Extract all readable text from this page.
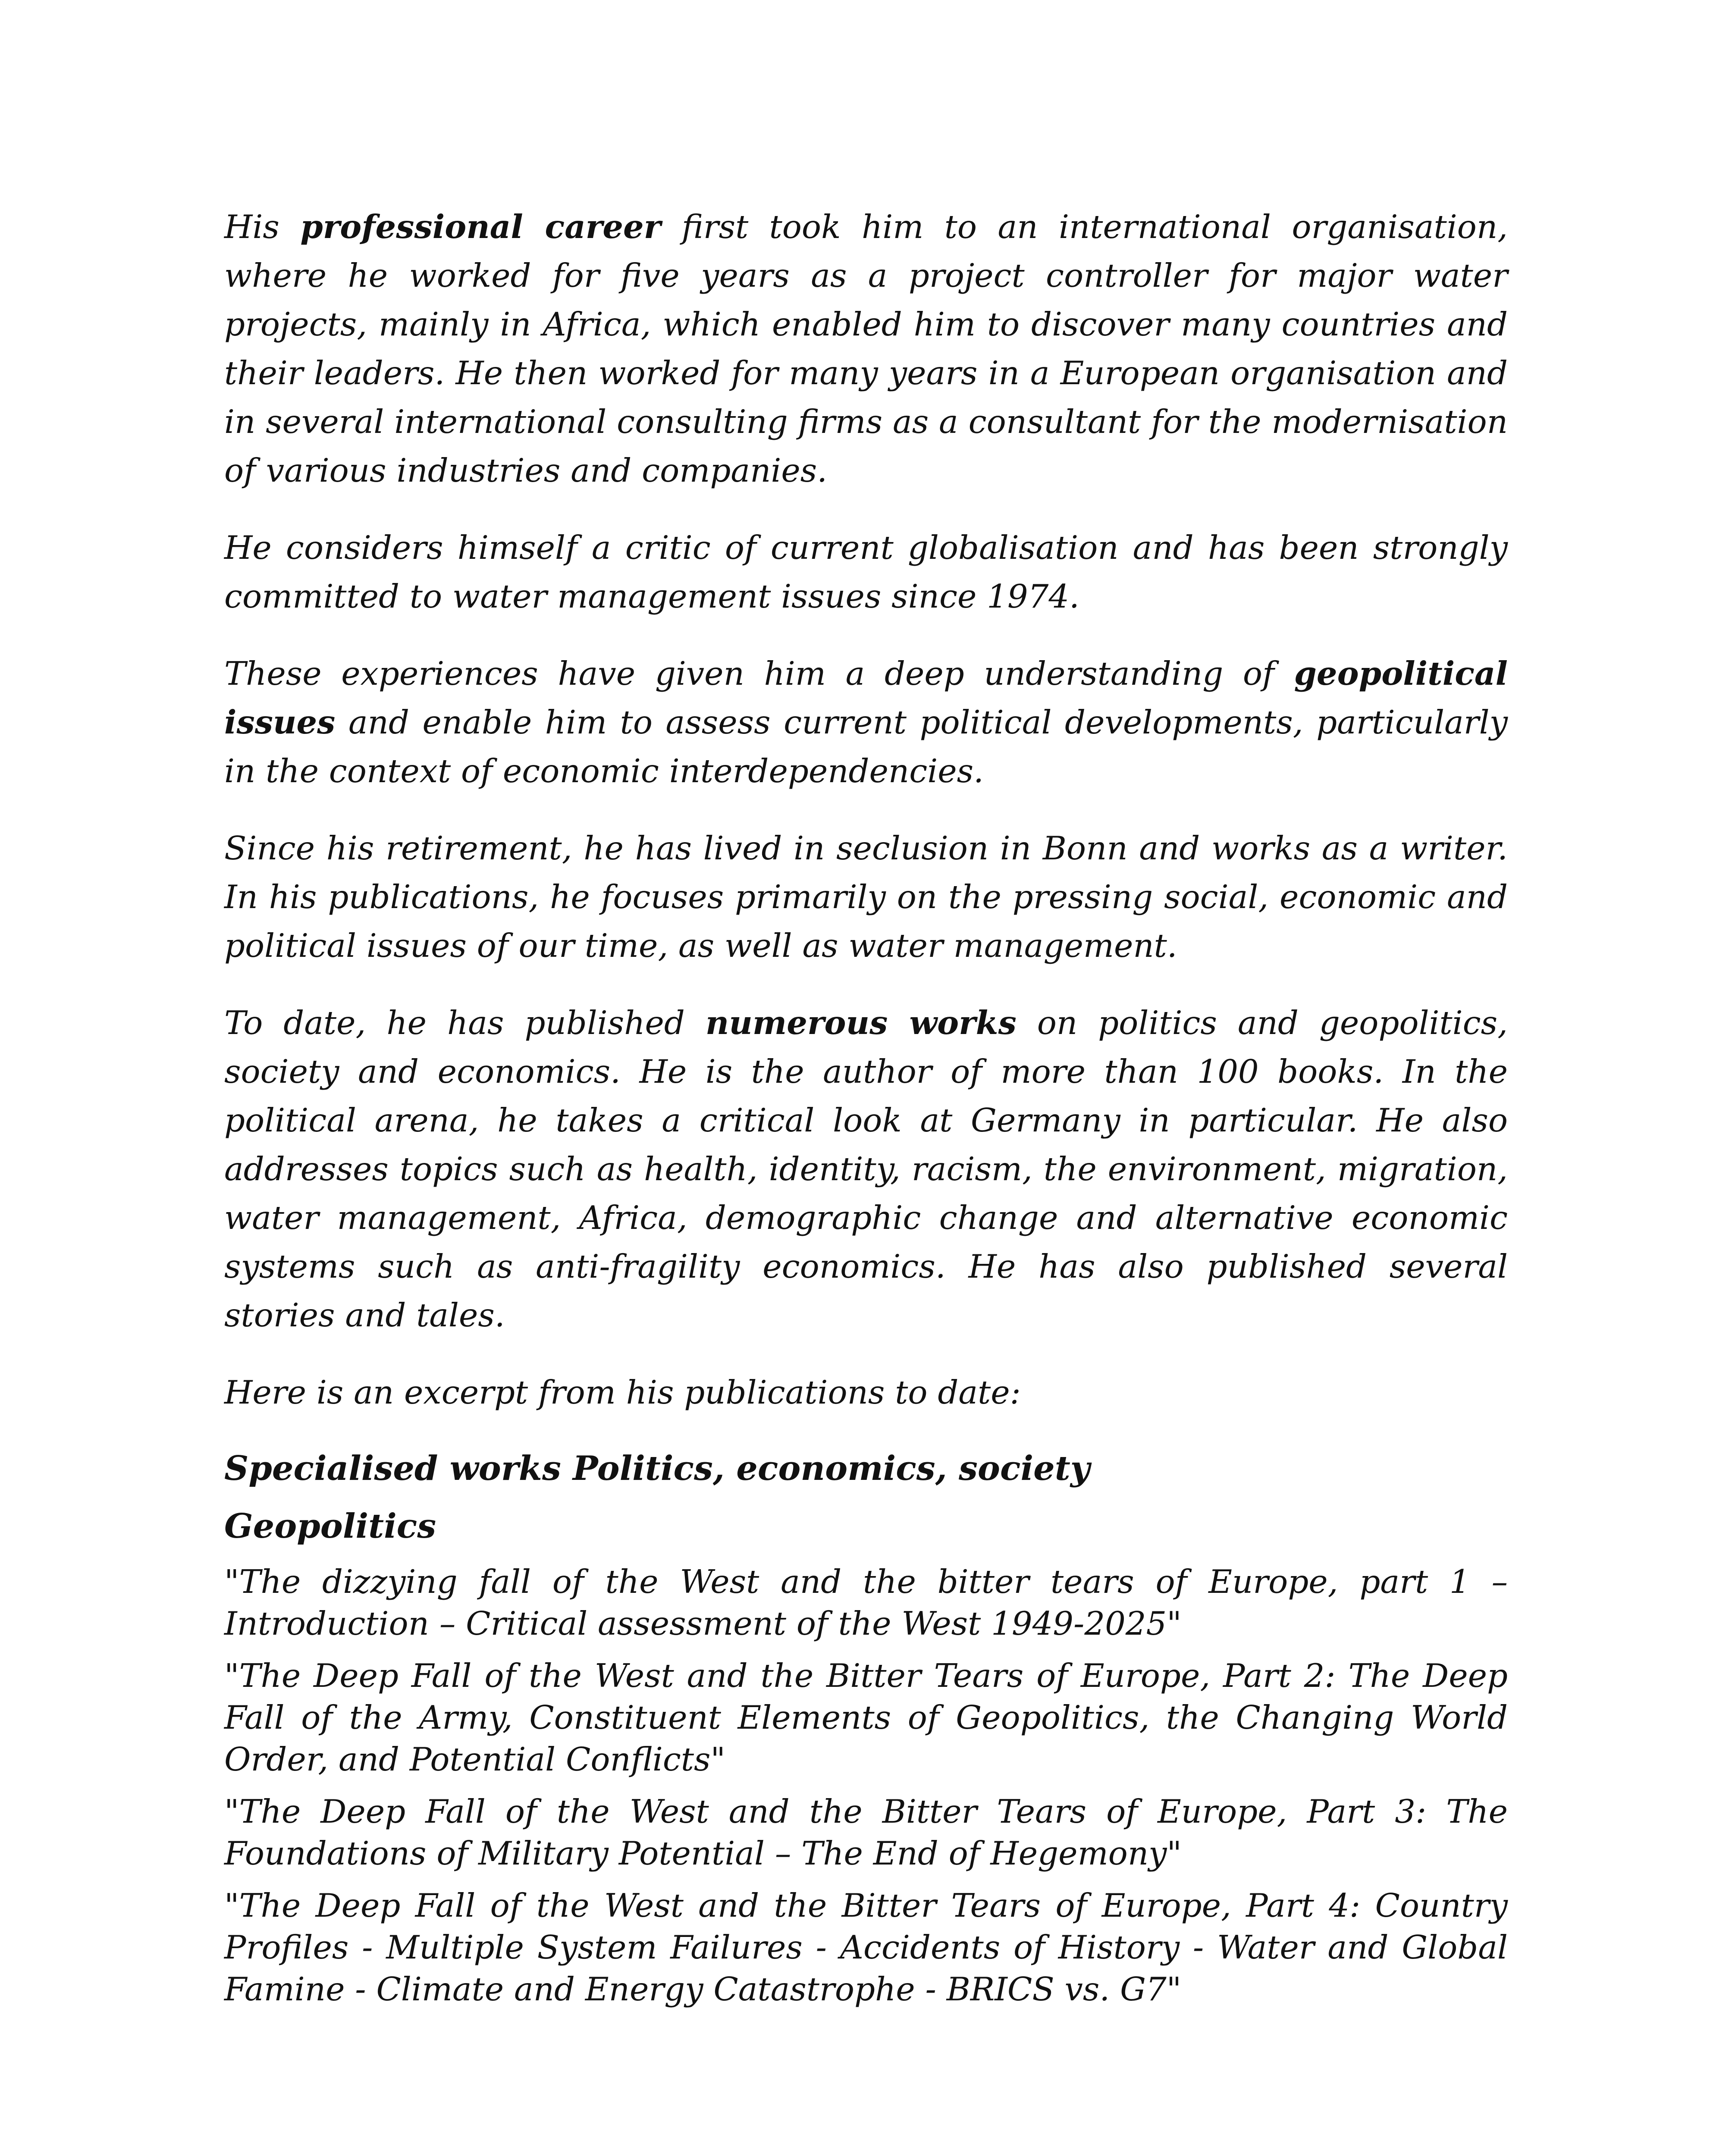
His professional career first took him to an international organisation, where he worked for five years as a project controller for major water projects, mainly in Africa, which enabled him to discover many countries and their leaders. He then worked for many years in a European organisation and in several international consulting firms as a consultant for the modernisation of various industries and companies.

He considers himself a critic of current globalisation and has been strongly committed to water management issues since 1974.

These experiences have given him a deep understanding of geopolitical issues and enable him to assess current political developments, particularly in the context of economic interdependencies.

Since his retirement, he has lived in seclusion in Bonn and works as a writer. In his publications, he focuses primarily on the pressing social, economic and political issues of our time, as well as water management.

To date, he has published numerous works on politics and geopolitics, society and economics. He is the author of more than 100 books. In the political arena, he takes a critical look at Germany in particular. He also addresses topics such as health, identity, racism, the environment, migration, water management, Africa, demographic change and alternative economic systems such as anti-fragility economics. He has also published several stories and tales.

Here is an excerpt from his publications to date:

Specialised works Politics, economics, society
Geopolitics

"The dizzying fall of the West and the bitter tears of Europe, part 1 – Introduction – Critical assessment of the West 1949-2025"

"The Deep Fall of the West and the Bitter Tears of Europe, Part 2: The Deep Fall of the Army, Constituent Elements of Geopolitics, the Changing World Order, and Potential Conflicts"

"The Deep Fall of the West and the Bitter Tears of Europe, Part 3: The Foundations of Military Potential – The End of Hegemony"

"The Deep Fall of the West and the Bitter Tears of Europe, Part 4: Country Profiles - Multiple System Failures - Accidents of History - Water and Global Famine - Climate and Energy Catastrophe - BRICS vs. G7"
